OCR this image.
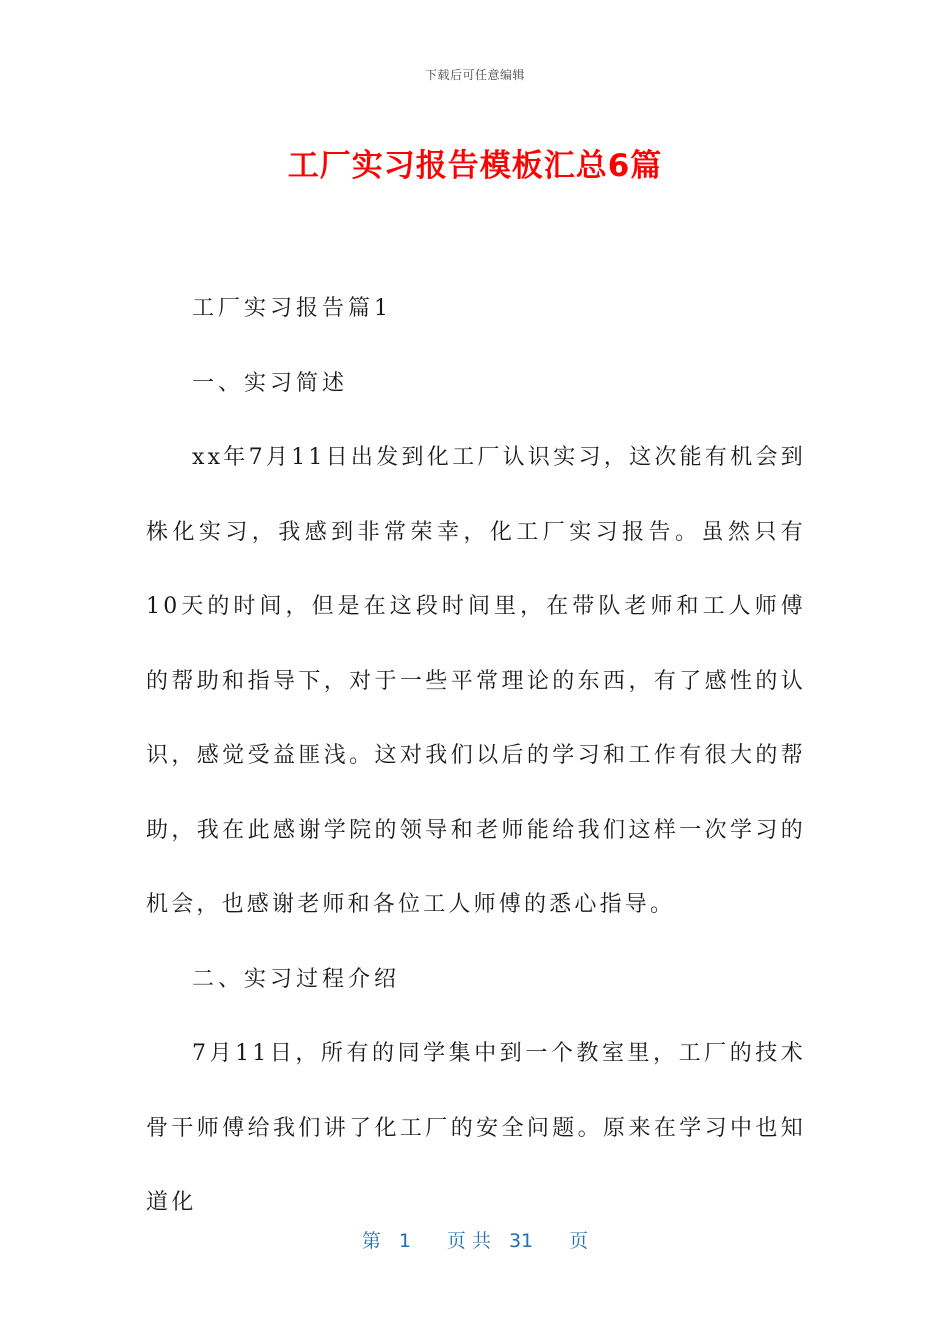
下载后可任意编辑
工厂实习报告模板汇总6篇

工厂实习报告篇1

一、实习简述

xx年7月11日出发到化工厂认识实习，这次能有机会到株化实习，我感到非常荣幸，化工厂实习报告。虽然只有10天的时间，但是在这段时间里，在带队老师和工人师傅的帮助和指导下，对于一些平常理论的东西，有了感性的认识，感觉受益匪浅。这对我们以后的学习和工作有很大的帮助，我在此感谢学院的领导和老师能给我们这样一次学习的机会，也感谢老师和各位工人师傅的悉心指导。

二、实习过程介绍

7月11日，所有的同学集中到一个教室里，工厂的技术骨干师傅给我们讲了化工厂的安全问题。原来在学习中也知道化

第 1 页 共 31 页
